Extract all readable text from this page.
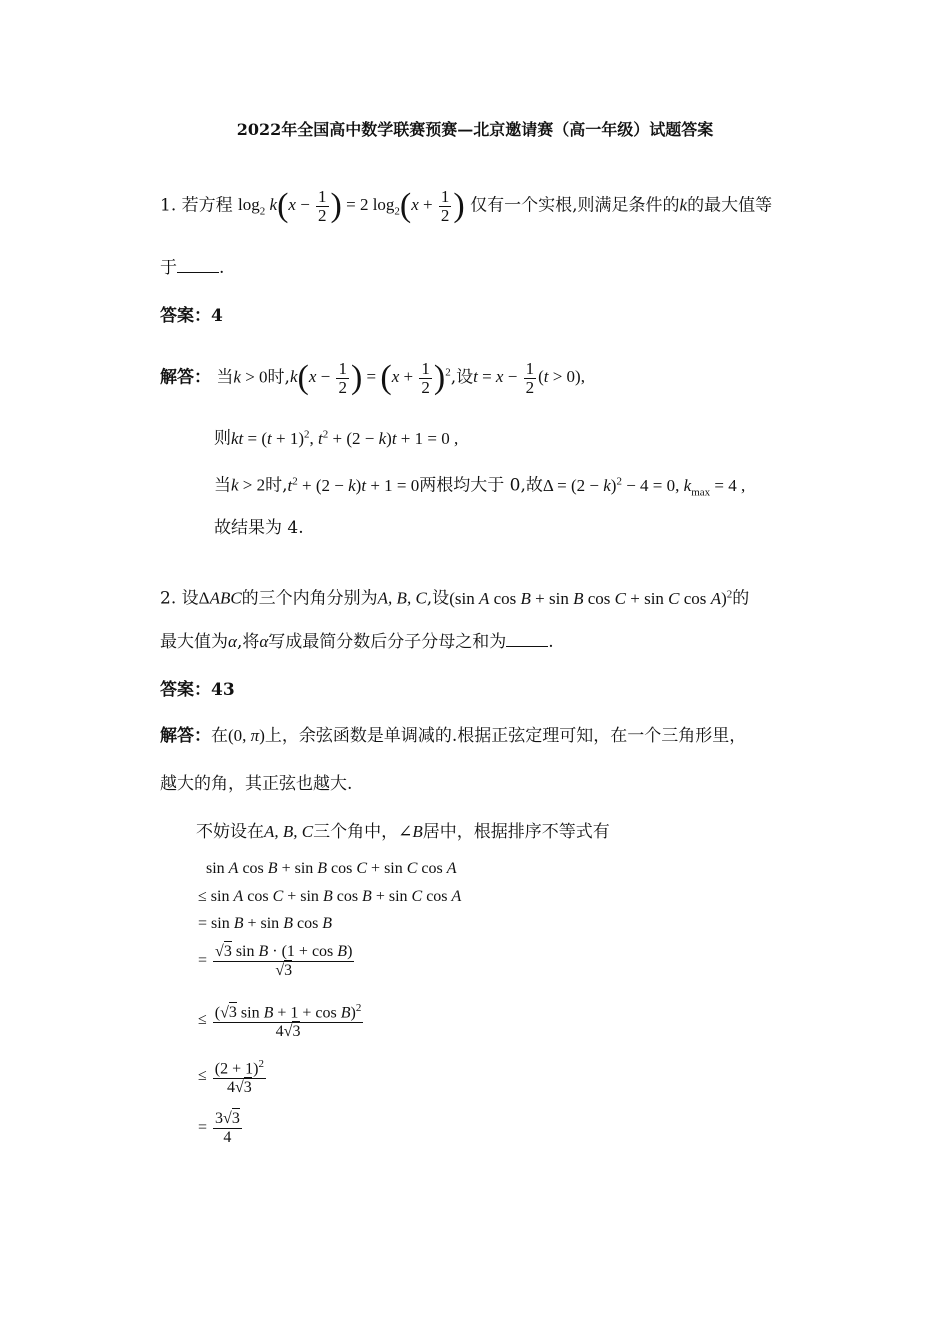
2022年全国高中数学联赛预赛—北京邀请赛（高一年级）试题答案
1. 若方程 $\log_2 k(x - \frac{1}{2}$ ) = 2 $\log_2(x + \frac{1}{2}$ ) 仅有一个实根,则满足条件的k的最大值等
于 .
答案：4
解答： 当k > 0时$,k(x - \frac{1}{2}$ ) = $(x + \frac{1}{2} )^2$,设$t = x - \frac{1}{2} (t > 0)$,
则kt = $(t + 1)^2$, $t^2 + (2 - k)t + 1 = 0$ ,
当k > 2时$,t^2 + (2 - k)t + 1 = 0$两根均大于 0,故$\Delta = (2 - k)^2 - 4 = 0$, $k_{max} = 4$ ,
故结果为 4.
2. 设ΔABC的三个内角分别为A, B, C,设(sin A cos B + sin B cos C + sin C cos A)$^2$的
最大值为α,将α写成最简分数后分子分母之和为 .
答案：43
解答：在(0, π)上，余弦函数是单调减的.根据正弦定理可知，在一个三角形里，
越大的角，其正弦也越大.
不妨设在A, B, C三个角中，∠B居中，根据排序不等式有
sin A cos B + sin B cos C + sin C cos A
≤ sin A cos C + sin B cos B + sin C cos A
= sin B + sin B cos B
= $\frac{\text{√3 sin B · (1 + cos B)}}{√3}$
≤ $\frac{(√3 \sin B + 1 + \cos B)^2}{4√3}$
≤ $\frac{(2 + 1)^2}{4√3}$
= $\frac{3√3}{4}$
